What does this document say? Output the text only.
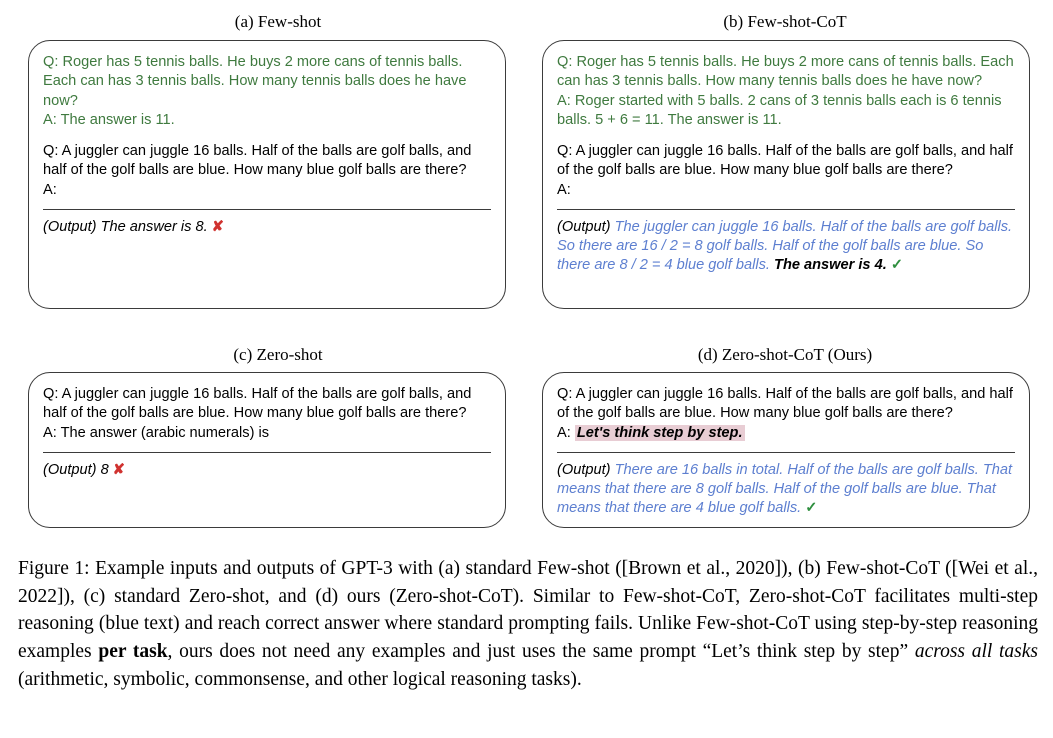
(a) Few-shot
Q: Roger has 5 tennis balls. He buys 2 more cans of tennis balls. Each can has 3 tennis balls. How many tennis balls does he have now?
A: The answer is 11.
Q: A juggler can juggle 16 balls. Half of the balls are golf balls, and half of the golf balls are blue. How many blue golf balls are there?
A:
(Output) The answer is 8. ✘
(b) Few-shot-CoT
Q: Roger has 5 tennis balls. He buys 2 more cans of tennis balls. Each can has 3 tennis balls. How many tennis balls does he have now?
A: Roger started with 5 balls. 2 cans of 3 tennis balls each is 6 tennis balls. 5 + 6 = 11. The answer is 11.
Q: A juggler can juggle 16 balls. Half of the balls are golf balls, and half of the golf balls are blue. How many blue golf balls are there?
A:
(Output) The juggler can juggle 16 balls. Half of the balls are golf balls. So there are 16 / 2 = 8 golf balls. Half of the golf balls are blue. So there are 8 / 2 = 4 blue golf balls. The answer is 4. ✓
(c) Zero-shot
Q: A juggler can juggle 16 balls. Half of the balls are golf balls, and half of the golf balls are blue. How many blue golf balls are there?
A: The answer (arabic numerals) is
(Output) 8 ✘
(d) Zero-shot-CoT (Ours)
Q: A juggler can juggle 16 balls. Half of the balls are golf balls, and half of the golf balls are blue. How many blue golf balls are there?
A: Let's think step by step.
(Output) There are 16 balls in total. Half of the balls are golf balls. That means that there are 8 golf balls. Half of the golf balls are blue. That means that there are 4 blue golf balls. ✓
Figure 1: Example inputs and outputs of GPT-3 with (a) standard Few-shot ([Brown et al., 2020]), (b) Few-shot-CoT ([Wei et al., 2022]), (c) standard Zero-shot, and (d) ours (Zero-shot-CoT). Similar to Few-shot-CoT, Zero-shot-CoT facilitates multi-step reasoning (blue text) and reach correct answer where standard prompting fails. Unlike Few-shot-CoT using step-by-step reasoning examples per task, ours does not need any examples and just uses the same prompt “Let’s think step by step” across all tasks (arithmetic, symbolic, commonsense, and other logical reasoning tasks).
